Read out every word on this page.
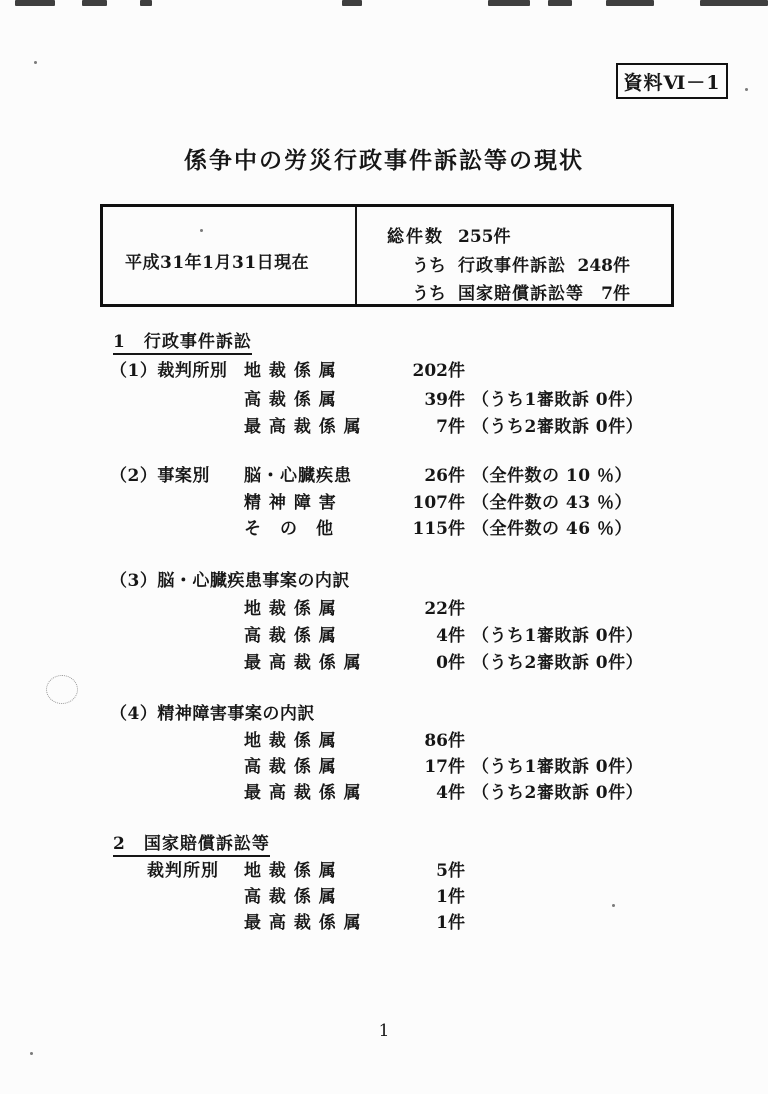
資料Ⅵ－1
係争中の労災行政事件訴訟等の現状
平成31年1月31日現在
総件数 255件
うち 行政事件訴訟 248件
うち 国家賠償訴訟等	7件
1　行政事件訴訟
（1）裁判所別 地 裁 係 属	202件
高 裁 係 属	39件 （うち1審敗訴 0件）
最 高 裁 係 属	7件 （うち2審敗訴 0件）
（2）事案別 脳・心臓疾患	26件 （全件数の 10 ％）
精 神 障 害	107件 （全件数の 43 ％）
そ　の　他	115件 （全件数の 46 ％）
（3）脳・心臓疾患事案の内訳
地 裁 係 属	22件
高 裁 係 属	4件 （うち1審敗訴 0件）
最 高 裁 係 属	0件 （うち2審敗訴 0件）
（4）精神障害事案の内訳
地 裁 係 属	86件
高 裁 係 属	17件 （うち1審敗訴 0件）
最 高 裁 係 属	4件 （うち2審敗訴 0件）
2　国家賠償訴訟等
裁判所別 地 裁 係 属	5件
高 裁 係 属	1件
最 高 裁 係 属	1件
1
